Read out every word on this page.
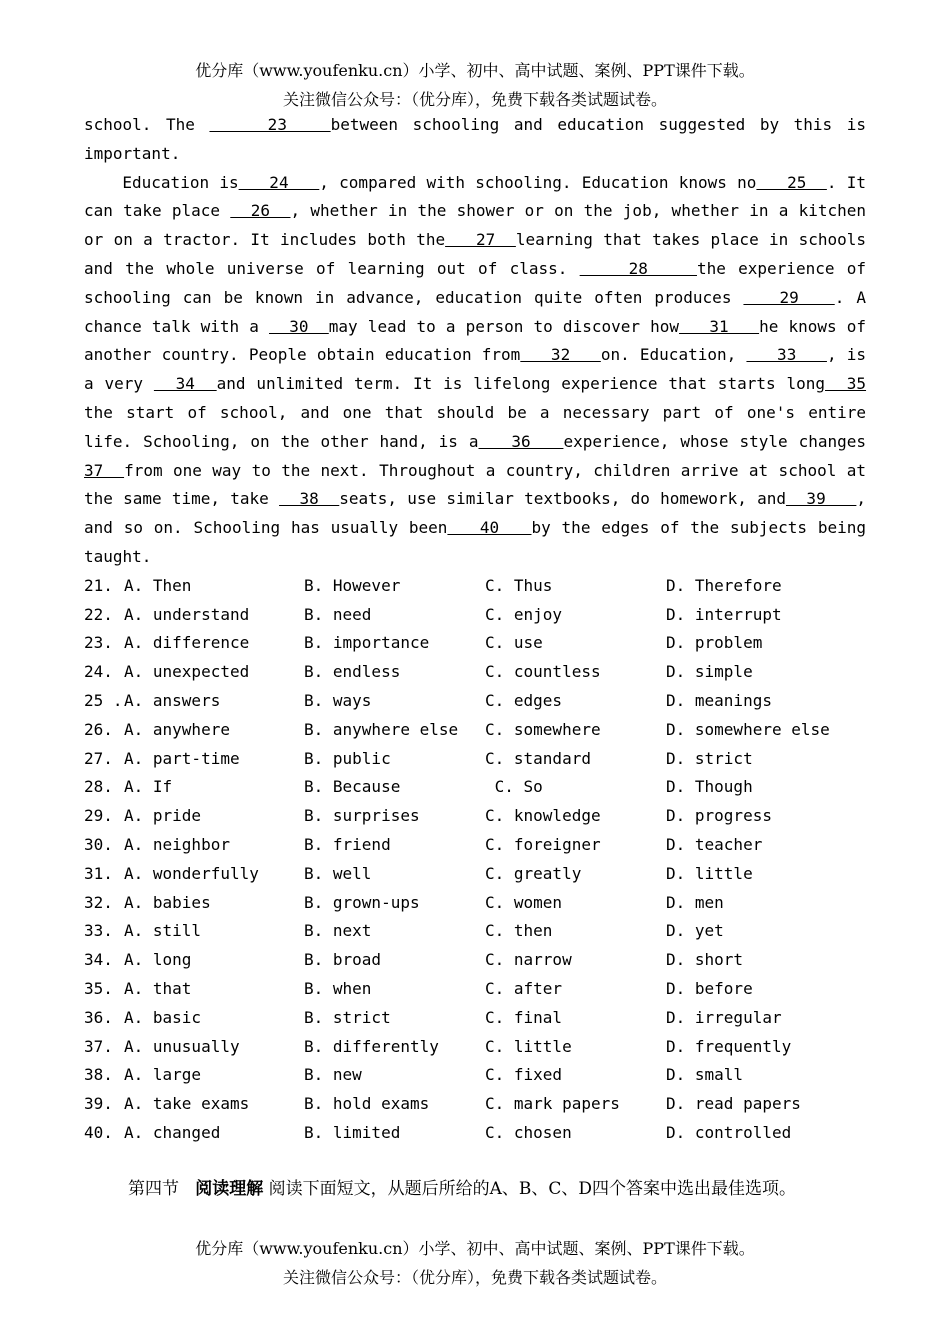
优分库（www.youfenku.cn）小学、初中、高中试题、案例、PPT课件下载。
关注微信公众号：（优分库），免费下载各类试题试卷。

school. The     23   between schooling and education suggested by this is important.

Education is   24   , compared with schooling. Education knows no   25  . It can take place   26  , whether in the shower or on the job, whether in a kitchen or on a tractor. It includes both the   27  learning that takes place in schools and the whole universe of learning out of class.     28    the experience of schooling can be known in advance, education quite often produces    29   . A chance talk with a   30  may lead to a person to discover how   31   he knows of another country. People obtain education from   32   on. Education,    33   , is a very   34  and unlimited term. It is lifelong experience that starts long  35 the start of school, and one that should be a necessary part of one's entire life. Schooling, on the other hand, is a   36   experience, whose style changes 37  from one way to the next. Throughout a country, children arrive at school at the same time, take   38  seats, use similar textbooks, do homework, and  39   , and so on. Schooling has usually been   40   by the edges of the subjects being taught.

21. A. Then	B. However	C. Thus	D. Therefore
22. A. understand	B. need	C. enjoy	D. interrupt
23. A. difference	B. importance	C. use	D. problem
24. A. unexpected	B. endless	C. countless	D. simple
25 . A. answers	B. ways	C. edges	D. meanings
26. A. anywhere	B. anywhere else	C. somewhere	D. somewhere else
27. A. part-time	B. public	C. standard	D. strict
28. A. If	B. Because	C. So	D. Though
29. A. pride	B. surprises	C. knowledge	D. progress
30. A. neighbor	B. friend	C. foreigner	D. teacher
31. A. wonderfully	B. well	C. greatly	D. little
32. A. babies	B. grown-ups	C. women	D. men
33. A. still	B. next	C. then	D. yet
34. A. long	B. broad	C. narrow	D. short
35. A. that	B. when	C. after	D. before
36. A. basic	B. strict	C. final	D. irregular
37. A. unusually	B. differently	C. little	D. frequently
38. A. large	B. new	C. fixed	D. small
39. A. take exams	B. hold exams	C. mark papers	D. read papers
40. A. changed	B. limited	C. chosen	D. controlled
第四节 阅读理解 阅读下面短文，从题后所给的A、B、C、D四个答案中选出最佳选项。
优分库（www.youfenku.cn）小学、初中、高中试题、案例、PPT课件下载。
关注微信公众号：（优分库），免费下载各类试题试卷。
